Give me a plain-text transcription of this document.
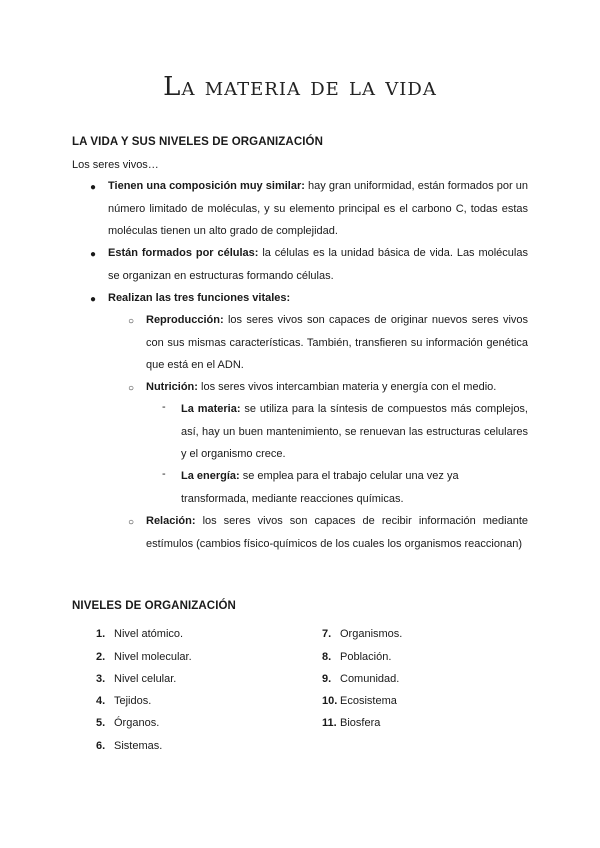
La materia de la vida
LA VIDA Y SUS NIVELES DE ORGANIZACIÓN
Los seres vivos…
● Tienen una composición muy similar: hay gran uniformidad, están formados por un número limitado de moléculas, y su elemento principal es el carbono C, todas estas moléculas tienen un alto grado de complejidad.
● Están formados por células: la células es la unidad básica de vida. Las moléculas se organizan en estructuras formando células.
● Realizan las tres funciones vitales:
○ Reproducción: los seres vivos son capaces de originar nuevos seres vivos con sus mismas características. También, transfieren su información genética que está en el ADN.
○ Nutrición: los seres vivos intercambian materia y energía con el medio.
- La materia: se utiliza para la síntesis de compuestos más complejos, así, hay un buen mantenimiento, se renuevan las estructuras celulares y el organismo crece.
- La energía: se emplea para el trabajo celular una vez ya transformada, mediante reacciones químicas.
○ Relación: los seres vivos son capaces de recibir información mediante estímulos (cambios físico-químicos de los cuales los organismos reaccionan)
NIVELES DE ORGANIZACIÓN
1. Nivel atómico.
2. Nivel molecular.
3. Nivel celular.
4. Tejidos.
5. Órganos.
6. Sistemas.
7. Organismos.
8. Población.
9. Comunidad.
10. Ecosistema
11. Biosfera
